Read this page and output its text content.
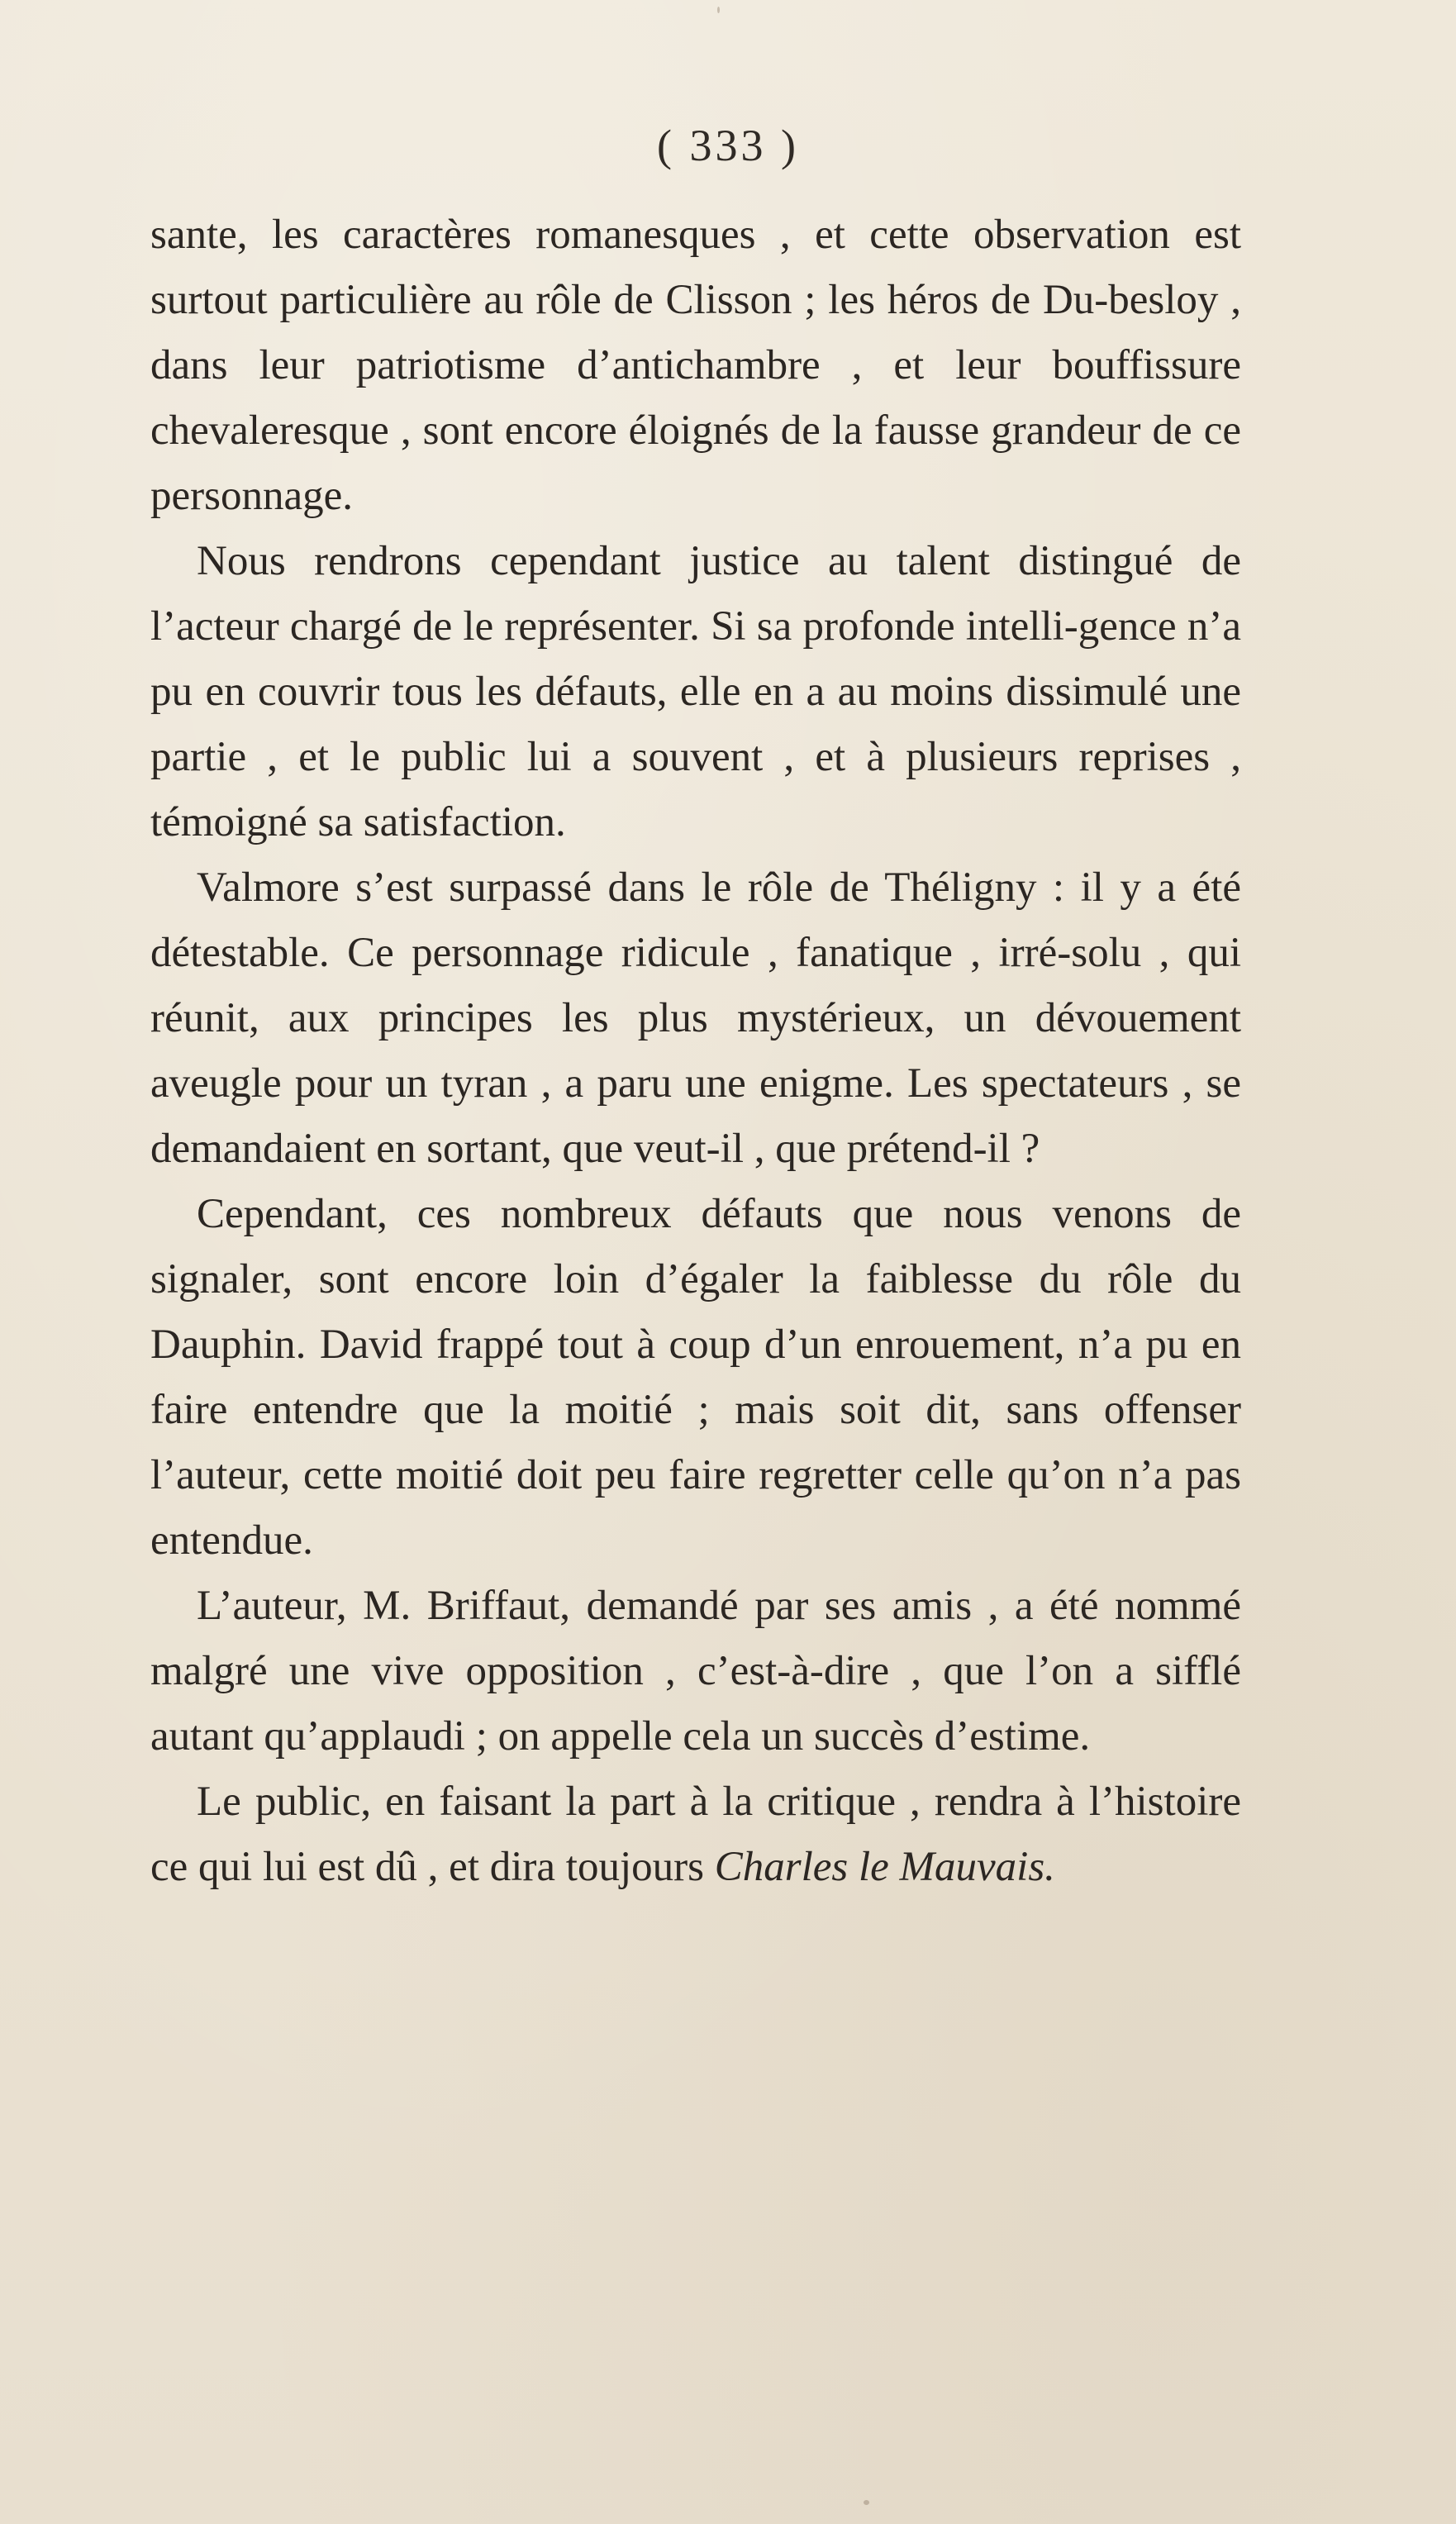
( 333 )

sante, les caractères romanesques , et cette observation est surtout particulière au rôle de Clisson ; les héros de Du-besloy , dans leur patriotisme d’antichambre , et leur bouffissure chevaleresque , sont encore éloignés de la fausse grandeur de ce personnage.

Nous rendrons cependant justice au talent distingué de l’acteur chargé de le représenter. Si sa profonde intelli-gence n’a pu en couvrir tous les défauts, elle en a au moins dissimulé une partie , et le public lui a souvent , et à plusieurs reprises , témoigné sa satisfaction.

Valmore s’est surpassé dans le rôle de Théligny : il y a été détestable. Ce personnage ridicule , fanatique , irré-solu , qui réunit, aux principes les plus mystérieux, un dévouement aveugle pour un tyran , a paru une enigme. Les spectateurs , se demandaient en sortant, que veut-il , que prétend-il ?

Cependant, ces nombreux défauts que nous venons de signaler, sont encore loin d’égaler la faiblesse du rôle du Dauphin. David frappé tout à coup d’un enrouement, n’a pu en faire entendre que la moitié ; mais soit dit, sans offenser l’auteur, cette moitié doit peu faire regretter celle qu’on n’a pas entendue.

L’auteur, M. Briffaut, demandé par ses amis , a été nommé malgré une vive opposition , c’est-à-dire , que l’on a sifflé autant qu’applaudi ; on appelle cela un succès d’estime.

Le public, en faisant la part à la critique , rendra à l’histoire ce qui lui est dû , et dira toujours Charles le Mauvais.
